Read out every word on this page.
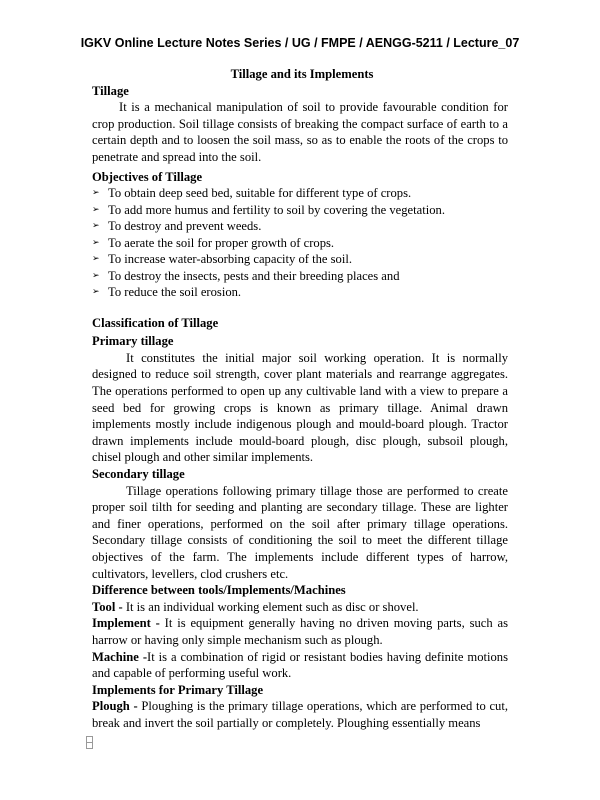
IGKV Online Lecture Notes Series / UG / FMPE / AENGG-5211 / Lecture_07
Tillage and its Implements
Tillage

It is a mechanical manipulation of soil to provide favourable condition for crop production. Soil tillage consists of breaking the compact surface of earth to a certain depth and to loosen the soil mass, so as to enable the roots of the crops to penetrate and spread into the soil.

Objectives of Tillage
➢ To obtain deep seed bed, suitable for different type of crops.
➢ To add more humus and fertility to soil by covering the vegetation.
➢ To destroy and prevent weeds.
➢ To aerate the soil for proper growth of crops.
➢ To increase water-absorbing capacity of the soil.
➢ To destroy the insects, pests and their breeding places and
➢ To reduce the soil erosion.
Classification of Tillage
Primary tillage

It constitutes the initial major soil working operation. It is normally designed to reduce soil strength, cover plant materials and rearrange aggregates. The operations performed to open up any cultivable land with a view to prepare a seed bed for growing crops is known as primary tillage. Animal drawn implements mostly include indigenous plough and mould-board plough. Tractor drawn implements include mould-board plough, disc plough, subsoil plough, chisel plough and other similar implements.

Secondary tillage

Tillage operations following primary tillage those are performed to create proper soil tilth for seeding and planting are secondary tillage. These are lighter and finer operations, performed on the soil after primary tillage operations. Secondary tillage consists of conditioning the soil to meet the different tillage objectives of the farm. The implements include different types of harrow, cultivators, levellers, clod crushers etc.

Difference between tools/Implements/Machines

Tool - It is an individual working element such as disc or shovel.

Implement - It is equipment generally having no driven moving parts, such as harrow or having only simple mechanism such as plough.

Machine -It is a combination of rigid or resistant bodies having definite motions and capable of performing useful work.

Implements for Primary Tillage

Plough - Ploughing is the primary tillage operations, which are performed to cut, break and invert the soil partially or completely. Ploughing essentially means
